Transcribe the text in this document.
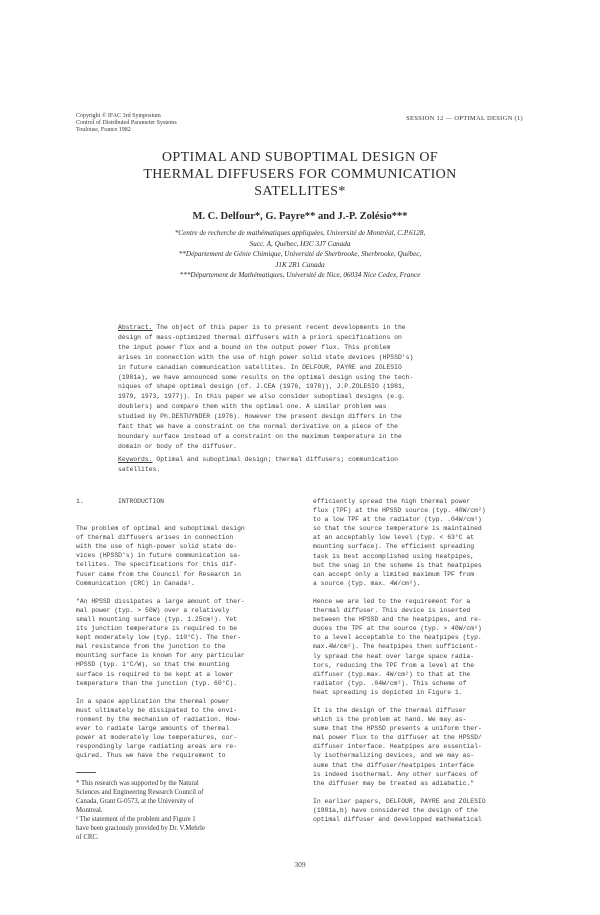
Copyright © IFAC 3rd Symposium
Control of Distributed Parameter Systems
Toulouse, France 1982
SESSION 12 — OPTIMAL DESIGN (1)
OPTIMAL AND SUBOPTIMAL DESIGN OF
THERMAL DIFFUSERS FOR COMMUNICATION
SATELLITES*
M. C. Delfour*, G. Payre** and J.-P. Zolésio***
*Centre de recherche de mathématiques appliquées, Université de Montréal, C.P.6128,
Succ. A, Québec, H3C 3J7 Canada
**Département de Génie Chimique, Université de Sherbrooke, Sherbrooke, Québec,
J1K 2R1 Canada
***Département de Mathématiques, Université de Nice, 06034 Nice Cedex, France
Abstract. The object of this paper is to present recent developments in the
design of mass-optimized thermal diffusers with a priori specifications on
the input power flux and a bound on the output power flux. This problem
arises in connection with the use of high power solid state devices (HPSSD's)
in future canadian communication satellites. In DELFOUR, PAYRE and ZOLESIO
(1981a), we have announced some results on the optimal design using the tech-
niques of shape optimal design (cf. J.CEA (1976, 1978)), J.P.ZOLESIO (1981,
1979, 1973, 1977)). In this paper we also consider suboptimal designs (e.g.
doublers) and compare them with the optimal one. A similar problem was
studied by Ph.DESTUYNDER (1976). However the present design differs in the
fact that we have a constraint on the normal derivative on a piece of the
boundary surface instead of a constraint on the maximum temperature in the
domain or body of the diffuser.
Keywords. Optimal and suboptimal design; thermal diffusers; communication
satellites.
1.	INTRODUCTION
The problem of optimal and suboptimal design
of thermal diffusers arises in connection
with the use of high-power solid state de-
vices (HPSSD's) in future communication sa-
tellites. The specifications for this dif-
fuser came from the Council for Research in
Communication (CRC) in Canada¹.
"An HPSSD dissipates a large amount of ther-
mal power (typ. > 50W) over a relatively
small mounting surface (typ. 1.25cm²). Yet
its junction temperature is required to be
kept moderately low (typ. 110°C). The ther-
mal resistance from the junction to the
mounting surface is known for any particular
HPSSD (typ. 1°C/W), so that the mounting
surface is required to be kept at a lower
temperature than the junction (typ. 60°C).
In a space application the thermal power
must ultimately be dissipated to the envi-
ronment by the mechanism of radiation. How-
ever to radiate large amounts of thermal
power at moderately low temperatures, cor-
respondingly large radiating areas are re-
quired. Thus we have the requirement to
* This research was supported by the Natural
Sciences and Engineering Research Council of
Canada, Grant G-0573, at the University of
Montreal.
¹ The statement of the problem and Figure 1
have been graciously provided by Dr. V.Mehrle
of CRC.
efficiently spread the high thermal power
flux (TPF) at the HPSSD source (typ. 40W/cm²)
to a low TPF at the radiator (typ. .04W/cm²)
so that the source temperature is maintained
at an acceptably low level (typ. < 63°C at
mounting surface). The efficient spreading
task is best accomplished using heatpipes,
but the snag in the scheme is that heatpipes
can accept only a limited maximum TPF from
a source (typ. max. 4W/cm²).
Hence we are led to the requirement for a
thermal diffuser. This device is inserted
between the HPSSD and the heatpipes, and re-
duces the TPF at the source (typ. > 40W/cm²)
to a level acceptable to the heatpipes (typ.
max.4W/cm²). The heatpipes then sufficient-
ly spread the heat over large space radia-
tors, reducing the TPF from a level at the
diffuser (typ.max. 4W/cm²) to that at the
radiator (typ. .04W/cm²). This scheme of
heat spreading is depicted in Figure 1.
It is the design of the thermal diffuser
which is the problem at hand. We may as-
sume that the HPSSD presents a uniform ther-
mal power flux to the diffuser at the HPSSD/
diffuser interface. Heatpipes are essential-
ly isothermalizing devices, and we may as-
sume that the diffuser/heatpipes interface
is indeed isothermal. Any other surfaces of
the diffuser may be treated as adiabatic."
In earlier papers, DELFOUR, PAYRE and ZOLESIO
(1981a,b) have considered the design of the
optimal diffuser and developped mathematical
309
